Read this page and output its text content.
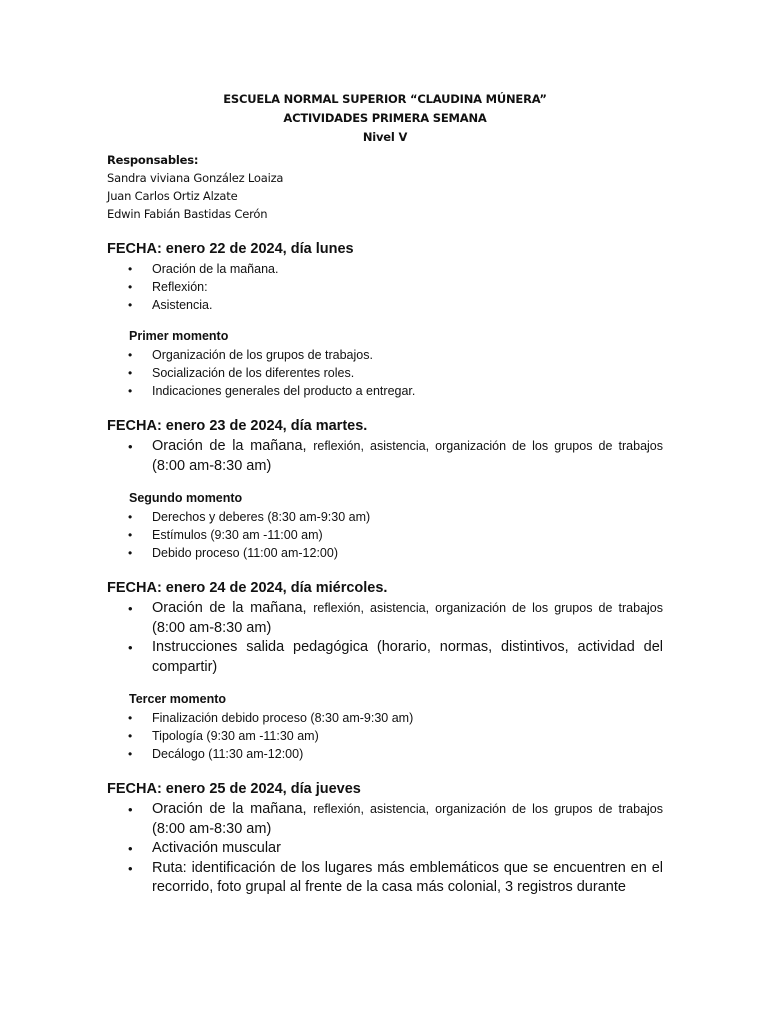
ESCUELA NORMAL SUPERIOR “CLAUDINA MÚNERA”
ACTIVIDADES PRIMERA SEMANA
Nivel V
Responsables:
Sandra viviana González Loaiza
Juan Carlos Ortiz Alzate
Edwin Fabián Bastidas Cerón
FECHA: enero 22 de 2024, día lunes
• Oración de la mañana.
• Reflexión:
• Asistencia.
Primer momento
• Organización de los grupos de trabajos.
• Socialización de los diferentes roles.
• Indicaciones generales del producto a entregar.
FECHA: enero 23 de 2024, día martes.
• Oración de la mañana, reflexión, asistencia, organización de los grupos de trabajos (8:00 am-8:30 am)
Segundo momento
• Derechos y deberes (8:30 am-9:30 am)
• Estímulos (9:30 am -11:00 am)
• Debido proceso (11:00 am-12:00)
FECHA: enero 24 de 2024, día miércoles.
• Oración de la mañana, reflexión, asistencia, organización de los grupos de trabajos (8:00 am-8:30 am)
• Instrucciones salida pedagógica (horario, normas, distintivos, actividad del compartir)
Tercer momento
• Finalización debido proceso (8:30 am-9:30 am)
• Tipología (9:30 am -11:30 am)
• Decálogo (11:30 am-12:00)
FECHA: enero 25 de 2024, día jueves
• Oración de la mañana, reflexión, asistencia, organización de los grupos de trabajos (8:00 am-8:30 am)
• Activación muscular
• Ruta: identificación de los lugares más emblemáticos que se encuentren en el recorrido, foto grupal al frente de la casa más colonial, 3 registros durante
